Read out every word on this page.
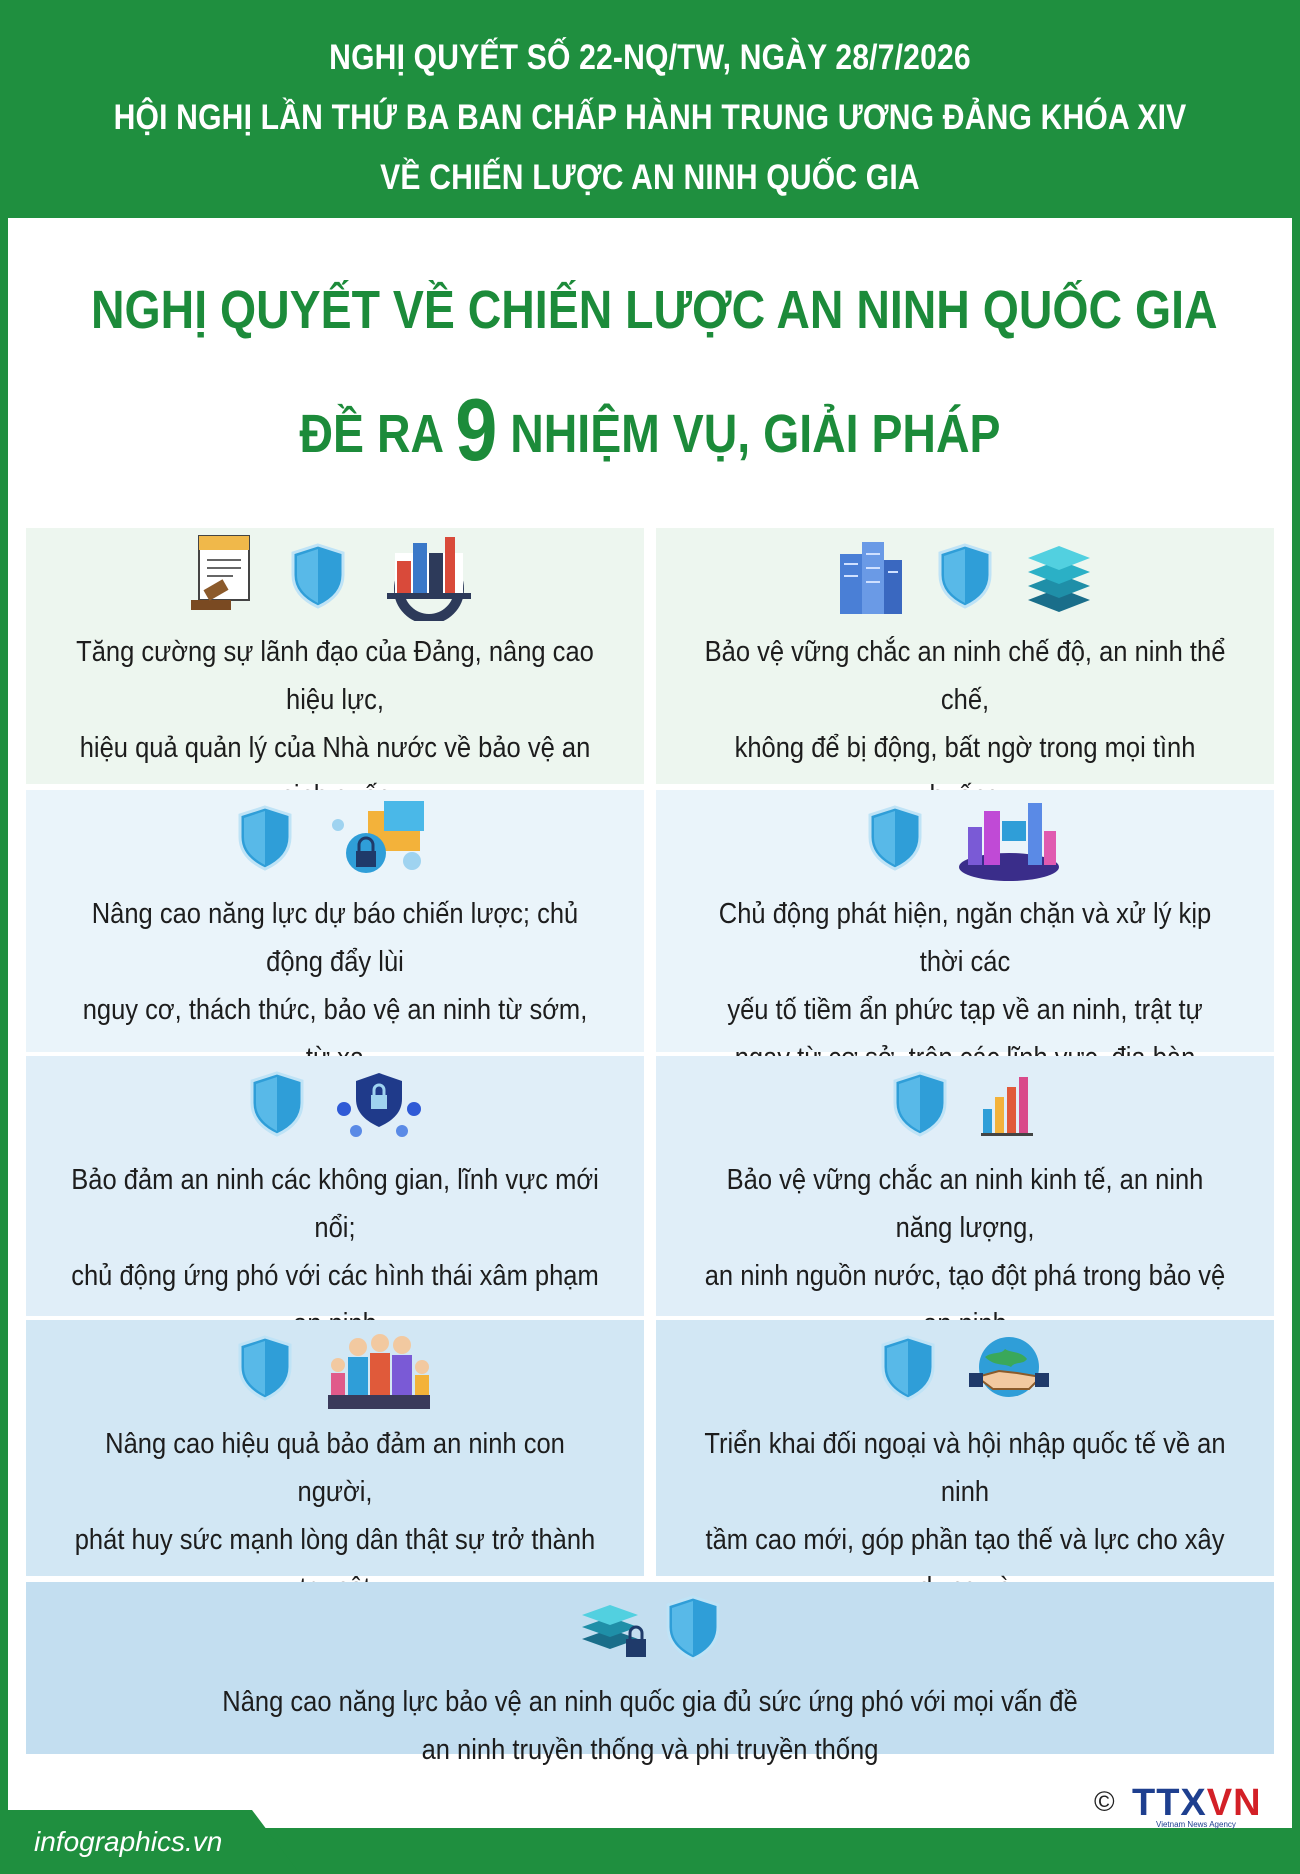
NGHỊ QUYẾT SỐ 22-NQ/TW, NGÀY 28/7/2026
HỘI NGHỊ LẦN THỨ BA BAN CHẤP HÀNH TRUNG ƯƠNG ĐẢNG KHÓA XIV
VỀ CHIẾN LƯỢC AN NINH QUỐC GIA
NGHỊ QUYẾT VỀ CHIẾN LƯỢC AN NINH QUỐC GIA
ĐỀ RA 9 NHIỆM VỤ, GIẢI PHÁP
Tăng cường sự lãnh đạo của Đảng, nâng cao hiệu lực,
hiệu quả quản lý của Nhà nước về bảo vệ an
Bảo vệ vững chắc an ninh chế độ, an ninh thể chế,
không để bị động, bất ngờ trong mọi tình
Nâng cao năng lực dự báo chiến lược; chủ động đẩy lùi
nguy cơ, thách thức, bảo vệ an ninh từ sớm,
Chủ động phát hiện, ngăn chặn và xử lý kịp thời các
yếu tố tiềm ẩn phức tạp về an ninh, trật tự
Bảo đảm an ninh các không gian, lĩnh vực mới nổi;
chủ động ứng phó với các hình thái xâm phạm
Bảo vệ vững chắc an ninh kinh tế, an ninh năng lượng,
an ninh nguồn nước, tạo đột phá trong bảo vệ
Nâng cao hiệu quả bảo đảm an ninh con người,
phát huy sức mạnh lòng dân thật sự trở thành
Triển khai đối ngoại và hội nhập quốc tế về an ninh
tầm cao mới, góp phần tạo thế và lực cho xây
Nâng cao năng lực bảo vệ an ninh quốc gia đủ sức ứng phó với mọi vấn đề
an ninh truyền thống và phi truyền thống
infographics.vn
© TTXVN
Vietnam News Agency
